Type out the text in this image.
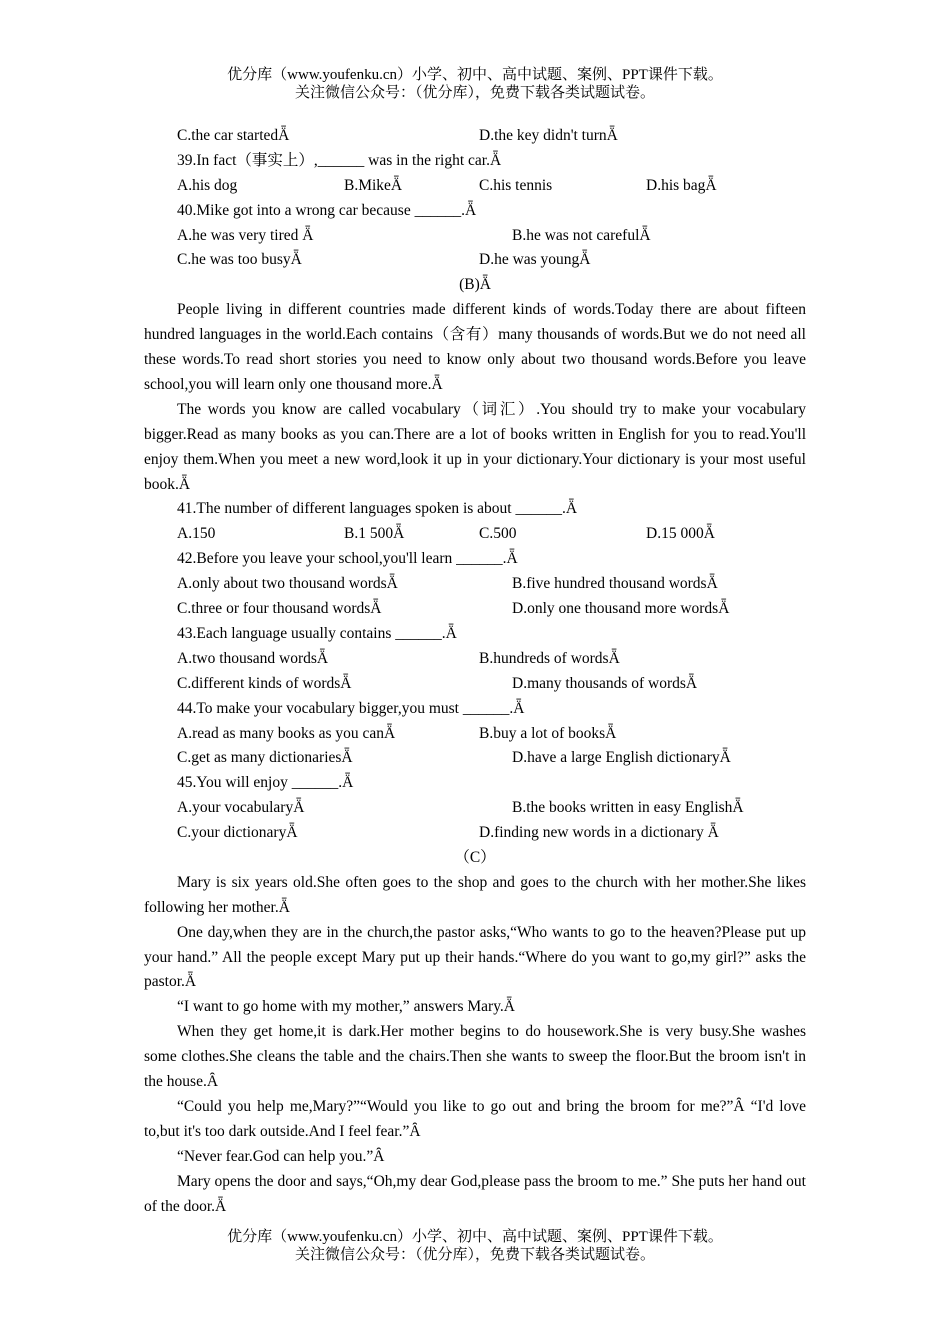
优分库（www.youfenku.cn）小学、初中、高中试题、案例、PPT课件下载。
关注微信公众号：（优分库），免费下载各类试题试卷。
C.the car startedǞ	D.the key didn't turnǞ
39.In fact（事实上）,______ was in the right car.Ǟ
A.his dog	B.MikeǞ	C.his tennis	D.his bagǞ
40.Mike got into a wrong car because ______.Ǟ
A.he was very tired Ǟ	B.he was not carefulǞ
C.he was too busyǞ	D.he was youngǞ
(B)Ǟ

People living in different countries made different kinds of words.Today there are about fifteen hundred languages in the world.Each contains（含有）many thousands of words.But we do not need all these words.To read short stories you need to know only about two thousand words.Before you leave school,you will learn only one thousand more.Ǟ

The words you know are called vocabulary（词汇）.You should try to make your vocabulary bigger.Read as many books as you can.There are a lot of books written in English for you to read.You'll enjoy them.When you meet a new word,look it up in your dictionary.Your dictionary is your most useful book.Ǟ

41.The number of different languages spoken is about ______.Ǟ
A.150	B.1 500Ǟ	C.500	D.15 000Ǟ
42.Before you leave your school,you'll learn ______.Ǟ
A.only about two thousand wordsǞ	B.five hundred thousand wordsǞ
C.three or four thousand wordsǞ	D.only one thousand more wordsǞ
43.Each language usually contains ______.Ǟ
A.two thousand wordsǞ	B.hundreds of wordsǞ
C.different kinds of wordsǞ	D.many thousands of wordsǞ
44.To make your vocabulary bigger,you must ______.Ǟ
A.read as many books as you canǞ	B.buy a lot of booksǞ
C.get as many dictionariesǞ	D.have a large English dictionaryǞ
45.You will enjoy ______.Ǟ
A.your vocabularyǞ	B.the books written in easy EnglishǞ
C.your dictionaryǞ	D.finding new words in a dictionary Ǟ
（C）

Mary is six years old.She often goes to the shop and goes to the church with her mother.She likes following her mother.Ǟ

One day,when they are in the church,the pastor asks,“Who wants to go to the heaven?Please put up your hand.” All the people except Mary put up their hands.“Where do you want to go,my girl?” asks the pastor.Ǟ

“I want to go home with my mother,” answers Mary.Ǟ

When they get home,it is dark.Her mother begins to do housework.She is very busy.She washes some clothes.She cleans the table and the chairs.Then she wants to sweep the floor.But the broom isn't in the house.Ȃ

“Could you help me,Mary?”“Would you like to go out and bring the broom for me?”Ȃ “I'd love to,but it's too dark outside.And I feel fear.”Ȃ

“Never fear.God can help you.”Ȃ

Mary opens the door and says,“Oh,my dear God,please pass the broom to me.” She puts her hand out of the door.Ǟ

优分库（www.youfenku.cn）小学、初中、高中试题、案例、PPT课件下载。
关注微信公众号：（优分库），免费下载各类试题试卷。
